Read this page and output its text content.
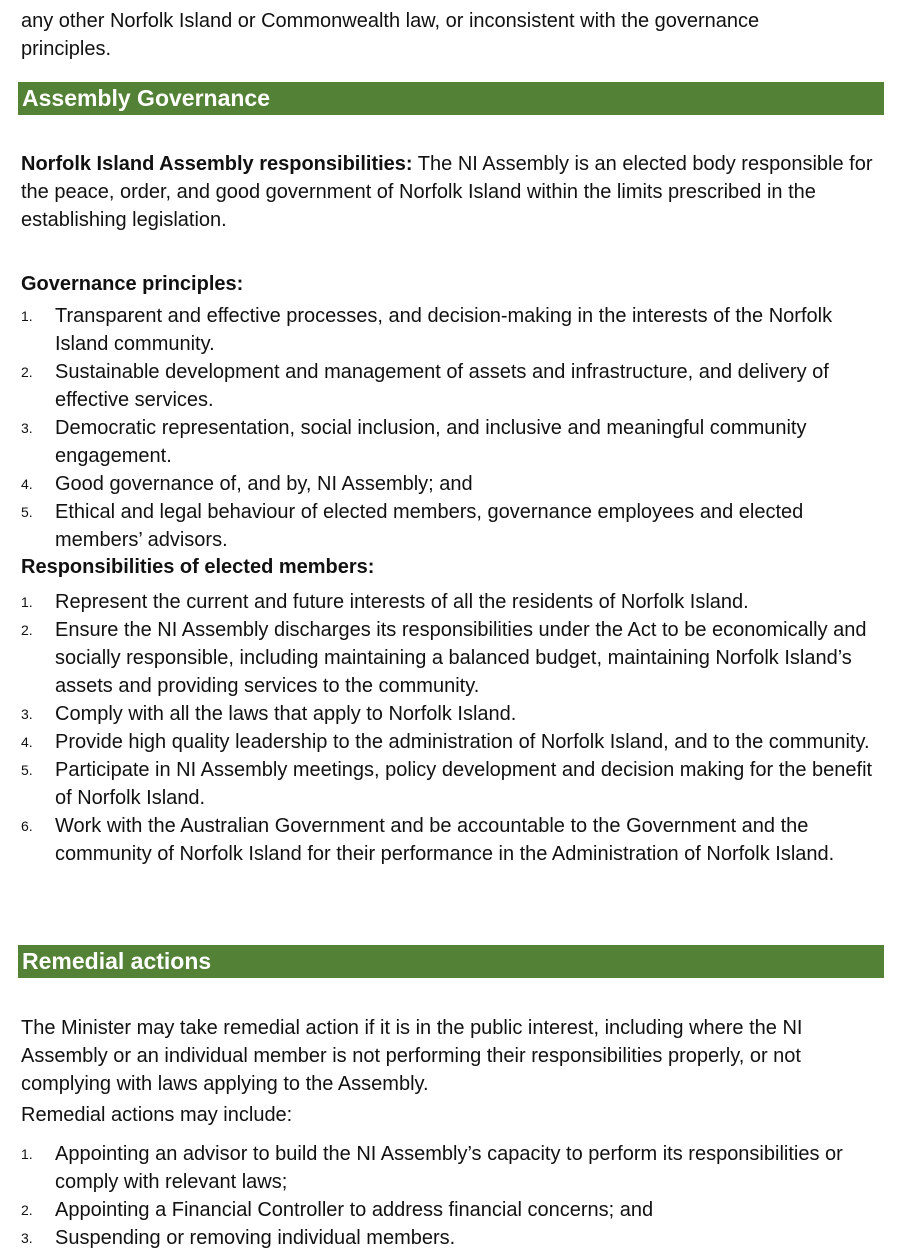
any other Norfolk Island or Commonwealth law, or inconsistent with the governance
principles.

Assembly Governance

Norfolk Island Assembly responsibilities: The NI Assembly is an elected body responsible for the peace, order, and good government of Norfolk Island within the limits prescribed in the establishing legislation.

Governance principles:

1. Transparent and effective processes, and decision-making in the interests of the Norfolk Island community.
2. Sustainable development and management of assets and infrastructure, and delivery of effective services.
3. Democratic representation, social inclusion, and inclusive and meaningful community engagement.
4. Good governance of, and by, NI Assembly; and
5. Ethical and legal behaviour of elected members, governance employees and elected members’ advisors.

Responsibilities of elected members:

1. Represent the current and future interests of all the residents of Norfolk Island.
2. Ensure the NI Assembly discharges its responsibilities under the Act to be economically and socially responsible, including maintaining a balanced budget, maintaining Norfolk Island’s assets and providing services to the community.
3. Comply with all the laws that apply to Norfolk Island.
4. Provide high quality leadership to the administration of Norfolk Island, and to the community.
5. Participate in NI Assembly meetings, policy development and decision making for the benefit of Norfolk Island.
6. Work with the Australian Government and be accountable to the Government and the community of Norfolk Island for their performance in the Administration of Norfolk Island.
Remedial actions

The Minister may take remedial action if it is in the public interest, including where the NI Assembly or an individual member is not performing their responsibilities properly, or not complying with laws applying to the Assembly.

Remedial actions may include:

1. Appointing an advisor to build the NI Assembly’s capacity to perform its responsibilities or comply with relevant laws;
2. Appointing a Financial Controller to address financial concerns; and
3. Suspending or removing individual members.
